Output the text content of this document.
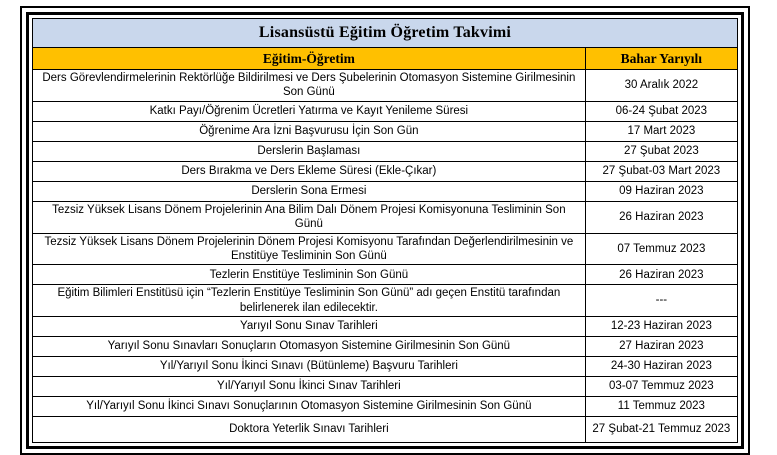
Lisansüstü Eğitim Öğretim Takvimi	
Eğitim-Öğretim	Bahar Yarıyılı
Ders Görevlendirmelerinin Rektörlüğe Bildirilmesi ve Ders Şubelerinin Otomasyon Sistemine Girilmesinin Son Günü	30 Aralık 2022
Katkı Payı/Öğrenim Ücretleri Yatırma ve Kayıt Yenileme Süresi	06-24 Şubat 2023
Öğrenime Ara İzni Başvurusu İçin Son Gün	17 Mart 2023
Derslerin Başlaması	27 Şubat 2023
Ders Bırakma ve Ders Ekleme Süresi (Ekle-Çıkar)	27 Şubat-03 Mart 2023
Derslerin Sona Ermesi	09 Haziran 2023
Tezsiz Yüksek Lisans Dönem Projelerinin Ana Bilim Dalı Dönem Projesi Komisyonuna Tesliminin Son Günü	26 Haziran 2023
Tezsiz Yüksek Lisans Dönem Projelerinin Dönem Projesi Komisyonu Tarafından Değerlendirilmesinin ve Enstitüye Tesliminin Son Günü	07 Temmuz 2023
Tezlerin Enstitüye Tesliminin Son Günü	26 Haziran 2023
Eğitim Bilimleri Enstitüsü için “Tezlerin Enstitüye Tesliminin Son Günü” adı geçen Enstitü tarafından belirlenerek ilan edilecektir.	---
Yarıyıl Sonu Sınav Tarihleri	12-23 Haziran 2023
Yarıyıl Sonu Sınavları Sonuçların Otomasyon Sistemine Girilmesinin Son Günü	27 Haziran 2023
Yıl/Yarıyıl Sonu İkinci Sınavı (Bütünleme) Başvuru Tarihleri	24-30 Haziran 2023
Yıl/Yarıyıl Sonu İkinci Sınav Tarihleri	03-07 Temmuz 2023
Yıl/Yarıyıl Sonu İkinci Sınavı Sonuçlarının Otomasyon Sistemine Girilmesinin Son Günü	11 Temmuz 2023
Doktora Yeterlik Sınavı Tarihleri	27 Şubat-21 Temmuz 2023
